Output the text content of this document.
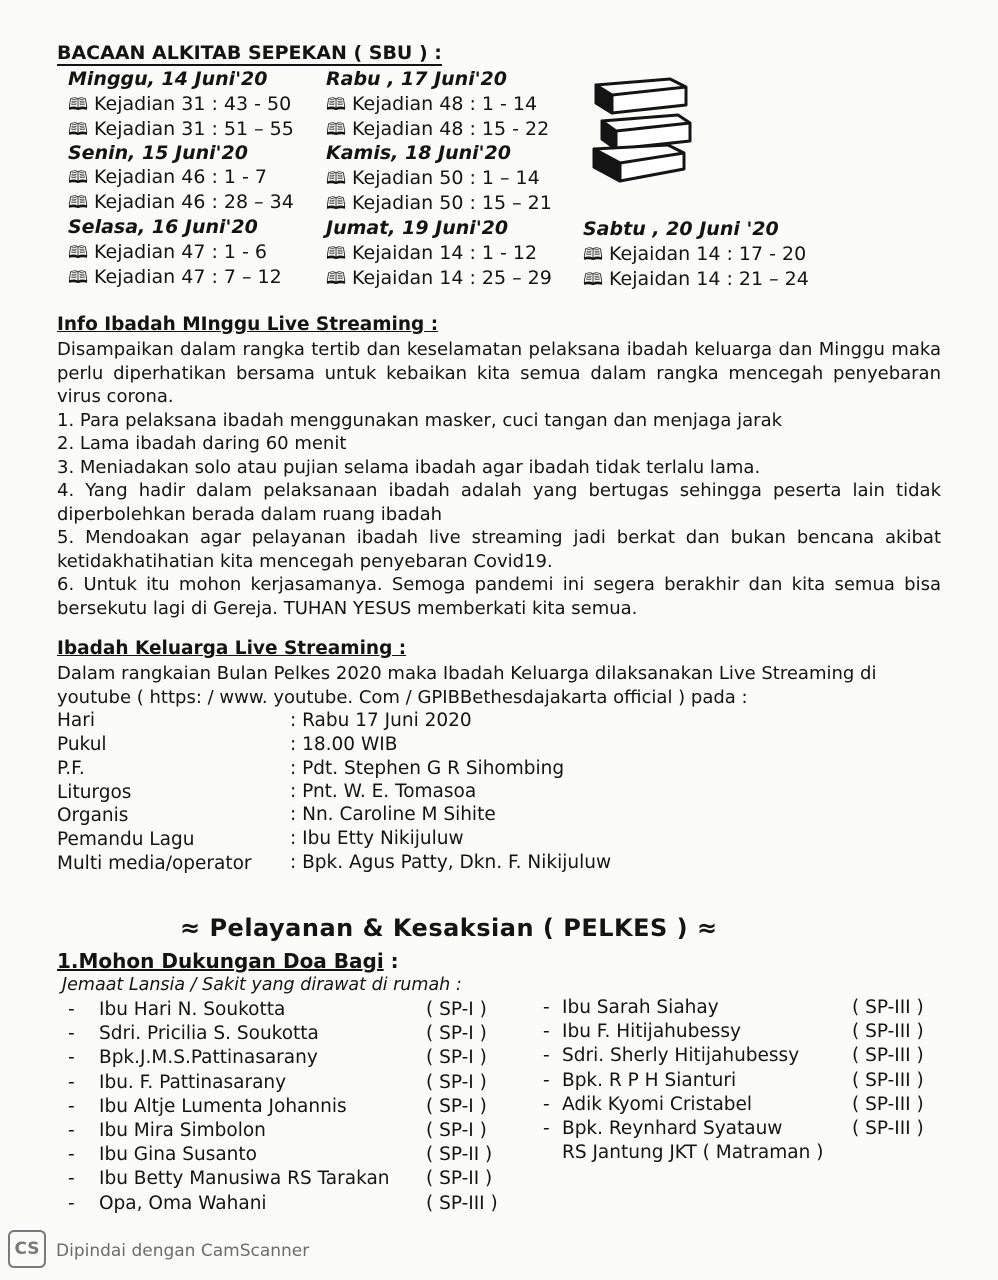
BACAAN ALKITAB SEPEKAN ( SBU ) :
Minggu, 14 Juni'20
🕮 Kejadian 31 : 43 - 50
🕮 Kejadian 31 : 51 – 55
Senin, 15 Juni'20
🕮 Kejadian 46 : 1 - 7
🕮 Kejadian 46 : 28 – 34
Selasa, 16 Juni'20
🕮 Kejadian 47 : 1 - 6
🕮 Kejadian 47 : 7 – 12
Rabu , 17 Juni'20
🕮 Kejadian 48 : 1 - 14
🕮 Kejadian 48 : 15 - 22
Kamis, 18 Juni'20
🕮 Kejadian 50 : 1 – 14
🕮 Kejadian 50 : 15 – 21
Jumat, 19 Juni'20
🕮 Kejaidan 14 : 1 - 12
🕮 Kejaidan 14 : 25 – 29
Sabtu , 20 Juni '20
🕮 Kejaidan 14 : 17 - 20
🕮 Kejaidan 14 : 21 – 24
Info Ibadah MInggu Live Streaming :

Disampaikan dalam rangka tertib dan keselamatan pelaksana ibadah keluarga dan Minggu maka perlu diperhatikan bersama untuk kebaikan kita semua dalam rangka mencegah penyebaran virus corona.

1. Para pelaksana ibadah menggunakan masker, cuci tangan dan menjaga jarak

2. Lama ibadah daring 60 menit

3. Meniadakan solo atau pujian selama ibadah agar ibadah tidak terlalu lama.

4. Yang hadir dalam pelaksanaan ibadah adalah yang bertugas sehingga peserta lain tidak diperbolehkan berada dalam ruang ibadah

5. Mendoakan agar pelayanan ibadah live streaming jadi berkat dan bukan bencana akibat ketidakhatihatian kita mencegah penyebaran Covid19.

6. Untuk itu mohon kerjasamanya. Semoga pandemi ini segera berakhir dan kita semua bisa bersekutu lagi di Gereja. TUHAN YESUS memberkati kita semua.

Ibadah Keluarga Live Streaming :
Dalam rangkaian Bulan Pelkes 2020 maka Ibadah Keluarga dilaksanakan Live Streaming di youtube ( https: / www. youtube. Com / GPIBBethesdajakarta official ) pada :
Hari	: Rabu 17 Juni 2020
Pukul	: 18.00 WIB
P.F.	: Pdt. Stephen G R Sihombing
Liturgos	: Pnt. W. E. Tomasoa
Organis	: Nn. Caroline M Sihite
Pemandu Lagu	: Ibu Etty Nikijuluw
Multi media/operator : Bpk. Agus Patty, Dkn. F. Nikijuluw
≈ Pelayanan & Kesaksian ( PELKES ) ≈
1.Mohon Dukungan Doa Bagi :
Jemaat Lansia / Sakit yang dirawat di rumah :
- Ibu Hari N. Soukotta	( SP-I )
- Sdri. Pricilia S. Soukotta	( SP-I )
- Bpk.J.M.S.Pattinasarany	( SP-I )
- Ibu. F. Pattinasarany	( SP-I )
- Ibu Altje Lumenta Johannis	( SP-I )
- Ibu Mira Simbolon	( SP-I )
- Ibu Gina Susanto	( SP-II )
- Ibu Betty Manusiwa RS Tarakan ( SP-II )
- Opa, Oma Wahani	( SP-III )
- Ibu Sarah Siahay	( SP-III )
- Ibu F. Hitijahubessy	( SP-III )
- Sdri. Sherly Hitijahubessy	( SP-III )
- Bpk. R P H Sianturi	( SP-III )
- Adik Kyomi Cristabel	( SP-III )
- Bpk. Reynhard Syatauw	( SP-III )
RS Jantung JKT ( Matraman )
CS Dipindai dengan CamScanner
